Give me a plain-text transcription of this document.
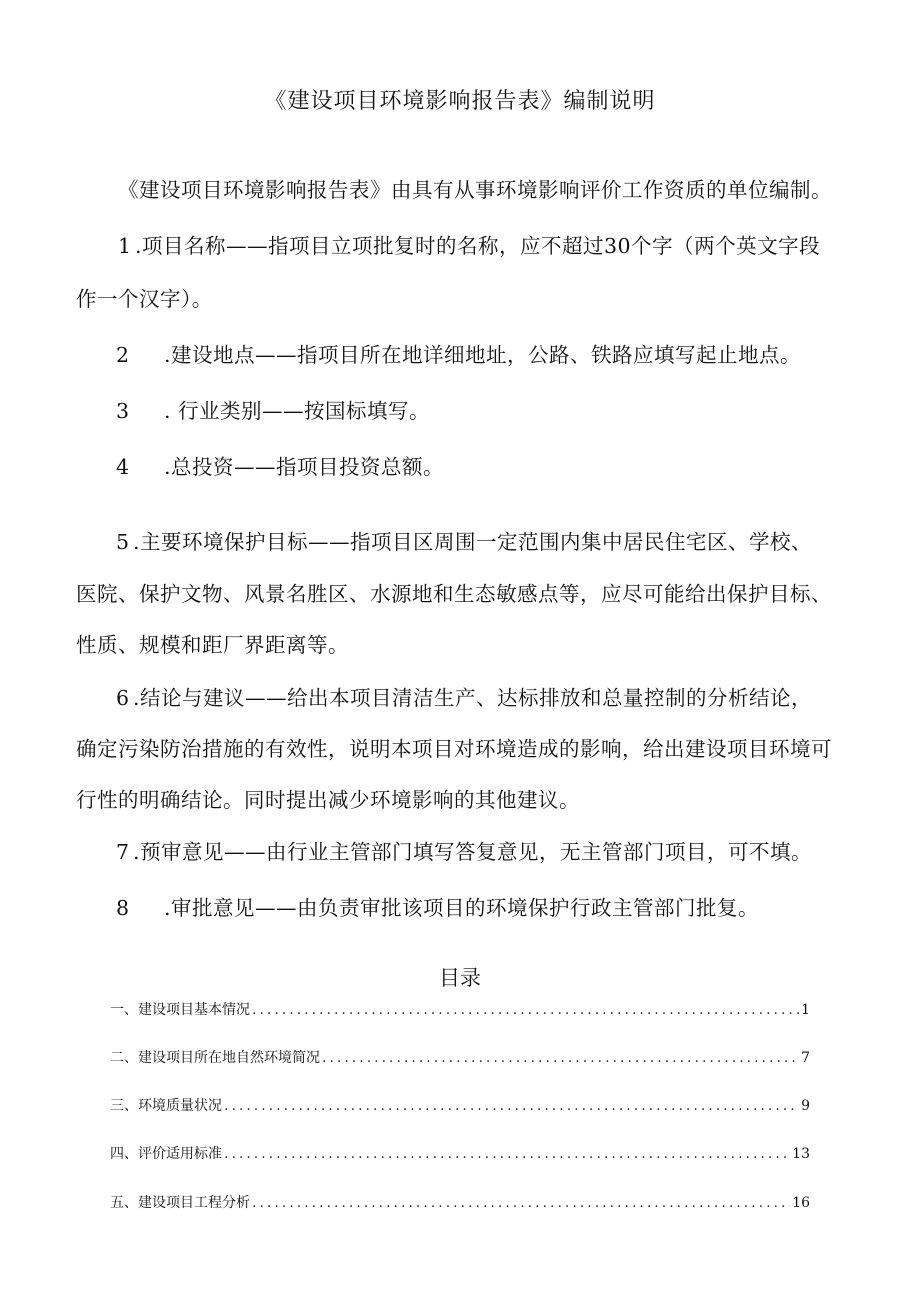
《建设项目环境影响报告表》编制说明
《建设项目环境影响报告表》由具有从事环境影响评价工作资质的单位编制。
1 .项目名称——指项目立项批复时的名称，应不超过30个字（两个英文字段
作一个汉字）。
2 .建设地点——指项目所在地详细地址，公路、铁路应填写起止地点。
3 . 行业类别——按国标填写。
4 .总投资——指项目投资总额。
5 .主要环境保护目标——指项目区周围一定范围内集中居民住宅区、学校、
医院、保护文物、风景名胜区、水源地和生态敏感点等，应尽可能给出保护目标、
性质、规模和距厂界距离等。
6 .结论与建议——给出本项目清洁生产、达标排放和总量控制的分析结论，
确定污染防治措施的有效性，说明本项目对环境造成的影响，给出建设项目环境可
行性的明确结论。同时提出减少环境影响的其他建议。
7 .预审意见——由行业主管部门填写答复意见，无主管部门项目，可不填。
8 .审批意见——由负责审批该项目的环境保护行政主管部门批复。
目录
一、建设项目基本情况 .....	1
二、建设项目所在地自然环境简况 .....	7
三、环境质量状况 .....	9
四、评价适用标准 .....	13
五、建设项目工程分析 .....	16
